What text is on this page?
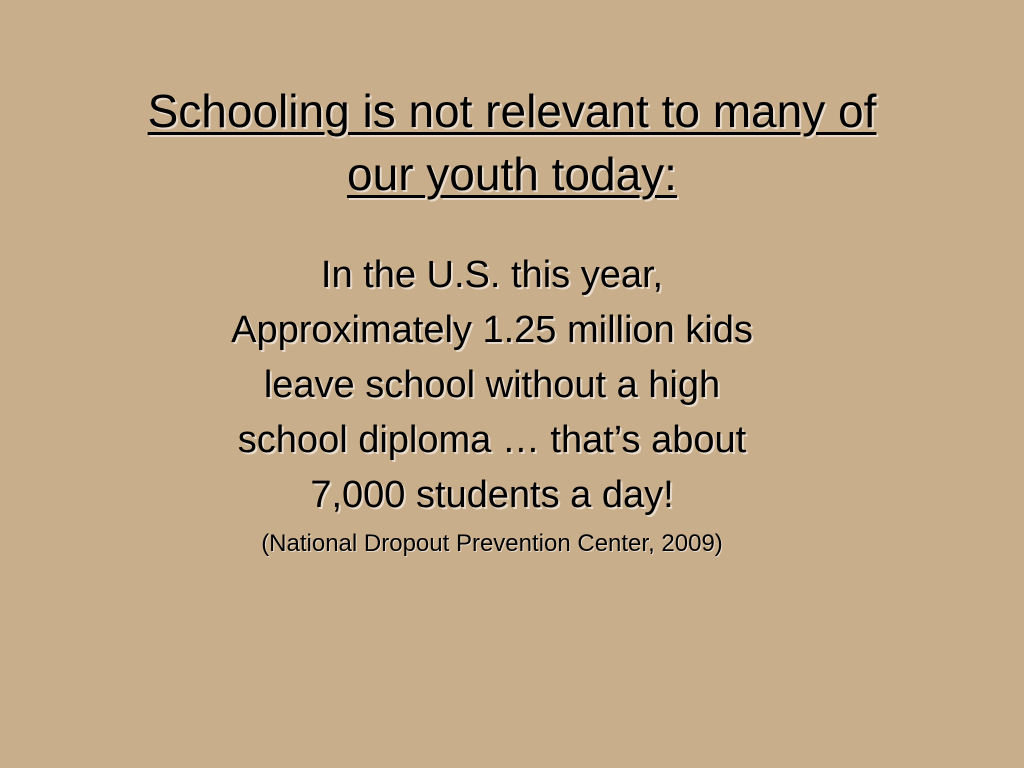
Schooling is not relevant to many of
our youth today:
In the U.S. this year,
Approximately 1.25 million kids
leave school without a high
school diploma … that’s about
7,000 students a day!
(National Dropout Prevention Center, 2009)
